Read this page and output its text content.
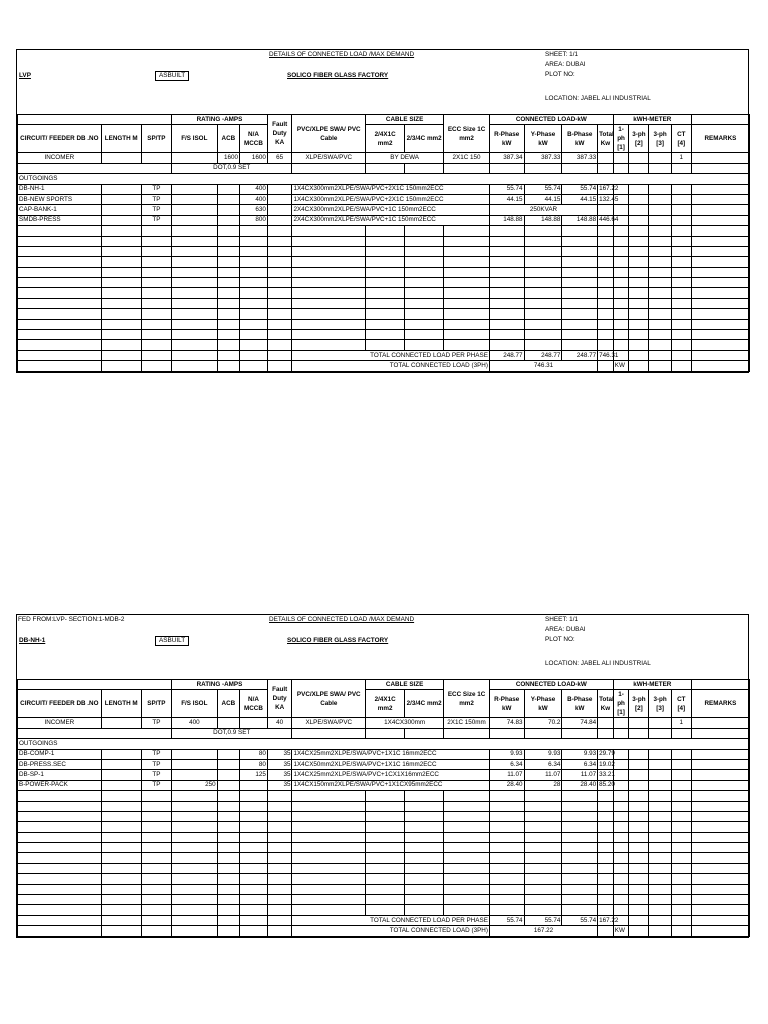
DETAILS OF CONNECTED LOAD /MAX DEMAND	SHEET: 1/1
AREA: DUBAI
LVP	ASBUILT	SOLICO FIBER GLASS FACTORY	PLOT NO:
LOCATION: JABEL ALI INDUSTRIAL
			RATING -AMPS			Fault Duty KA	PVC/XLPE SWA/ PVC Cable	CABLE SIZE		ECC Size 1C mm2	CONNECTED LOAD-kW				kWH-METER				
CIRCUIT/ FEEDER DB .NO	LENGTH M	SP/TP	F/S ISOL	ACB	N/A MCCB			2/4X1C mm2	2/3/4C mm2		R-Phase kW	Y-Phase kW	B-Phase kW	Total Kw	1-ph [1]	3-ph [2]	3-ph [3]	CT [4]	REMARKS

INCOMER				1600	1600	65	XLPE/SWA/PVC	BY DEWA		2X1C 150	387.34	387.33	387.33					1	
			DOT,0.9 SET																
OUTGOINGS																			
DB-NH-1		TP			400		1X4CX300mm2XLPE/SWA/PVC+2X1C 150mm2ECC				55.74	55.74	55.74	167.22					
DB-NEW SPORTS		TP			400		1X4CX300mm2XLPE/SWA/PVC+2X1C 150mm2ECC				44.15	44.15	44.15	132.45					
CAP-BANK-1		TP			630		2X4CX300mm2XLPE/SWA/PVC+1C 150mm2ECC				250KVAR								
SMDB-PRESS		TP			800		2X4CX300mm2XLPE/SWA/PVC+1C 150mm2ECC				148.88	148.88	148.88	446.64					

							TOTAL CONNECTED LOAD PER PHASE				248.77	248.77	248.77	746.31					
							TOTAL CONNECTED LOAD (3PH)				746.31				KW				
FED FROM:LVP- SECTION:1-MDB-2	DETAILS OF CONNECTED LOAD /MAX DEMAND	SHEET: 1/1
AREA: DUBAI
DB-NH-1	ASBUILT	SOLICO FIBER GLASS FACTORY	PLOT NO:
LOCATION: JABEL ALI INDUSTRIAL
			RATING -AMPS			Fault Duty KA	PVC/XLPE SWA/ PVC Cable	CABLE SIZE		ECC Size 1C mm2	CONNECTED LOAD-kW				kWH-METER				
CIRCUIT/ FEEDER DB .NO	LENGTH M	SP/TP	F/S ISOL	ACB	N/A MCCB			2/4X1C mm2	2/3/4C mm2		R-Phase kW	Y-Phase kW	B-Phase kW	Total Kw	1-ph [1]	3-ph [2]	3-ph [3]	CT [4]	REMARKS

INCOMER		TP	400			40	XLPE/SWA/PVC	1X4CX300mm		2X1C 150mm	74.83	70.2	74.84					1	
			DOT,0.9 SET																
OUTGOINGS																			
DB-COMP-1		TP			80	35	1X4CX25mm2XLPE/SWA/PVC+1X1C 16mm2ECC				9.93	9.93	9.93	29.79					
DB-PRESS.SEC		TP			80	35	1X4CX50mm2XLPE/SWA/PVC+1X1C 16mm2ECC				6.34	6.34	6.34	19.02					
DB-SP-1		TP			125	35	1X4CX25mm2XLPE/SWA/PVC+1CX1X16mm2ECC				11.07	11.07	11.07	33.21					
B-POWER-PACK		TP	250			35	1X4CX150mm2XLPE/SWA/PVC+1X1CX95mm2ECC				28.40	28	28.40	85.20					

							TOTAL CONNECTED LOAD PER PHASE				55.74	55.74	55.74	167.22					
							TOTAL CONNECTED LOAD (3PH)				167.22				KW				
